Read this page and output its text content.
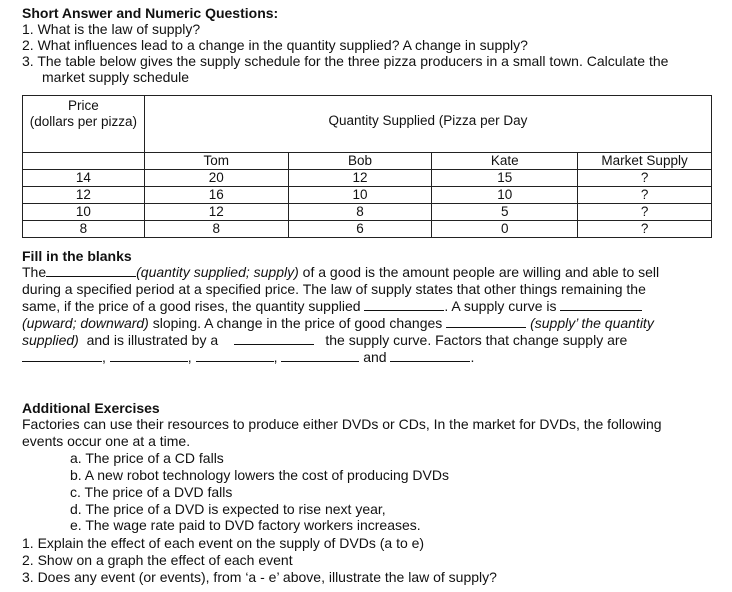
Short Answer and Numeric Questions:
1. What is the law of supply?
2. What influences lead to a change in the quantity supplied? A change in supply?
3. The table below gives the supply schedule for the three pizza producers in a small town. Calculate the
market supply schedule
Price
(dollars per pizza)	Quantity Supplied (Pizza per Day			
	Tom	Bob	Kate	Market Supply
14	20	12	15	?
12	16	10	10	?
10	12	8	5	?
8	8	6	0	?
Fill in the blanks
The	(quantity supplied; supply) of a good is the amount people are willing and able to sell
during a specified period at a specified price. The law of supply states that other things remaining the
same, if the price of a good rises, the quantity supplied	. A supply curve is
(upward; downward) sloping. A change in the price of good changes	(supply’ the quantity
supplied) and is illustrated by a	the supply curve. Factors that change supply are
,	,	,	and	.
Additional Exercises
Factories can use their resources to produce either DVDs or CDs, In the market for DVDs, the following
events occur one at a time.
a. The price of a CD falls
b. A new robot technology lowers the cost of producing DVDs
c. The price of a DVD falls
d. The price of a DVD is expected to rise next year,
e. The wage rate paid to DVD factory workers increases.
1. Explain the effect of each event on the supply of DVDs (a to e)
2. Show on a graph the effect of each event
3. Does any event (or events), from ‘a - e’ above, illustrate the law of supply?
